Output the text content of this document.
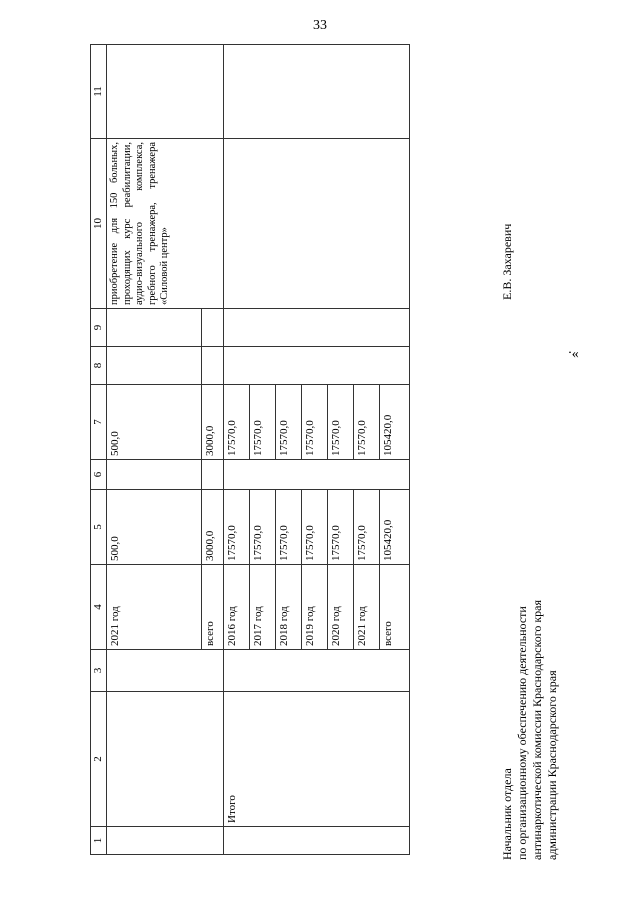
33
1	2	3	4	5	6	7	8	9	10	11
			2021 год	500,0		500,0			приобретение для 150 больных, проходящих курс реабилитации, аудио-визуального комплекса, гребного тренажера, тренажера «Силовой центр»	
			всего	3000,0		3000,0				
	Итого		2016 год	17570,0		17570,0				
			2017 год	17570,0		17570,0				
			2018 год	17570,0		17570,0				
			2019 год	17570,0		17570,0				
			2020 год	17570,0		17570,0				
			2021 год	17570,0		17570,0				
			всего	105420,0		105420,0				
Начальник отдела по организационному обеспечению деятельности антинаркотической комиссии Краснодарского края администрации Краснодарского края
Е.В. Захаревич
».
